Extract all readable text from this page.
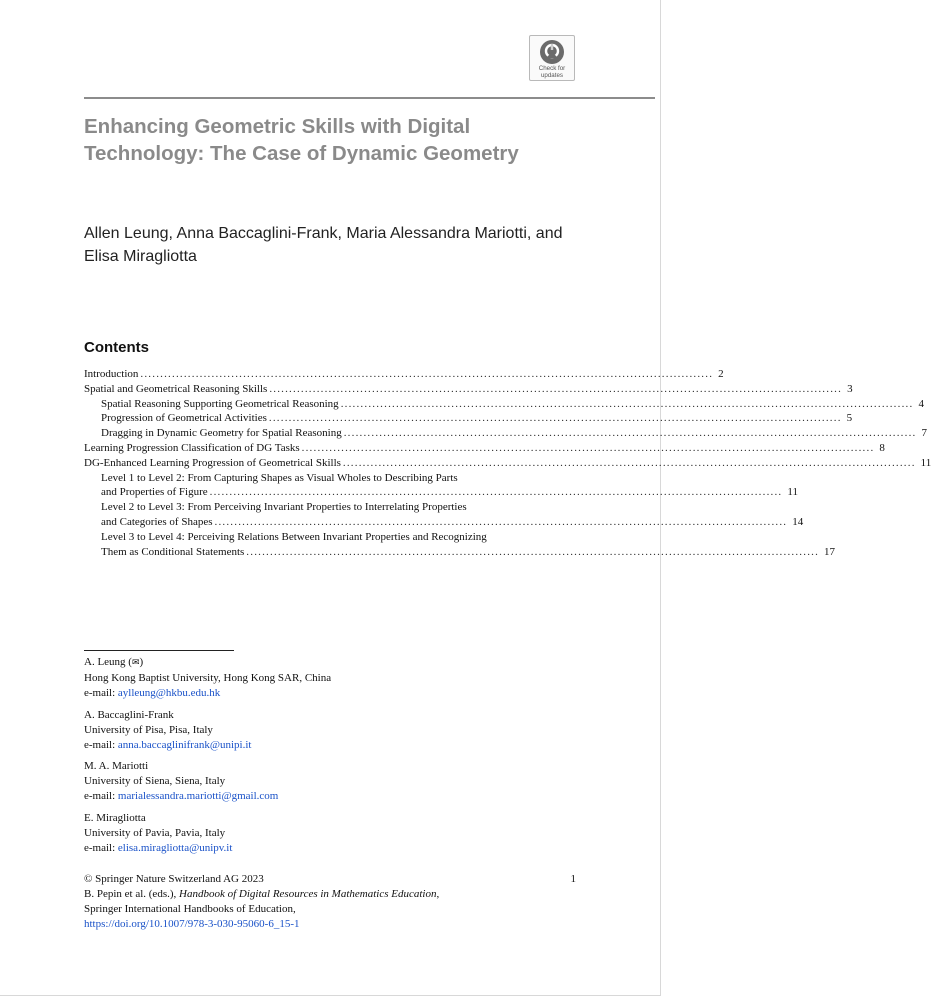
Check for
updates
Enhancing Geometric Skills with Digital Technology: The Case of Dynamic Geometry

Allen Leung, Anna Baccaglini-Frank, Maria Alessandra Mariotti, and
Elisa Miragliotta

Contents
Introduction ................................................................................................................................................. 2
Spatial and Geometrical Reasoning Skills ................................................................................................................................................. 3
Spatial Reasoning Supporting Geometrical Reasoning ................................................................................................................................................. 4
Progression of Geometrical Activities ................................................................................................................................................. 5
Dragging in Dynamic Geometry for Spatial Reasoning ................................................................................................................................................. 7
Learning Progression Classification of DG Tasks ................................................................................................................................................. 8
DG-Enhanced Learning Progression of Geometrical Skills ................................................................................................................................................. 11
Level 1 to Level 2: From Capturing Shapes as Visual Wholes to Describing Parts
and Properties of Figure ................................................................................................................................................. 11
Level 2 to Level 3: From Perceiving Invariant Properties to Interrelating Properties
and Categories of Shapes ................................................................................................................................................. 14
Level 3 to Level 4: Perceiving Relations Between Invariant Properties and Recognizing
Them as Conditional Statements ................................................................................................................................................. 17

A. Leung (✉)

Hong Kong Baptist University, Hong Kong SAR, China

e-mail: aylleung@hkbu.edu.hk

A. Baccaglini-Frank

University of Pisa, Pisa, Italy

e-mail: anna.baccaglinifrank@unipi.it

M. A. Mariotti

University of Siena, Siena, Italy

e-mail: marialessandra.mariotti@gmail.com

E. Miragliotta

University of Pavia, Pavia, Italy

e-mail: elisa.miragliotta@unipv.it

© Springer Nature Switzerland AG 2023	1

B. Pepin et al. (eds.), Handbook of Digital Resources in Mathematics Education,

Springer International Handbooks of Education,

https://doi.org/10.1007/978-3-030-95060-6_15-1
